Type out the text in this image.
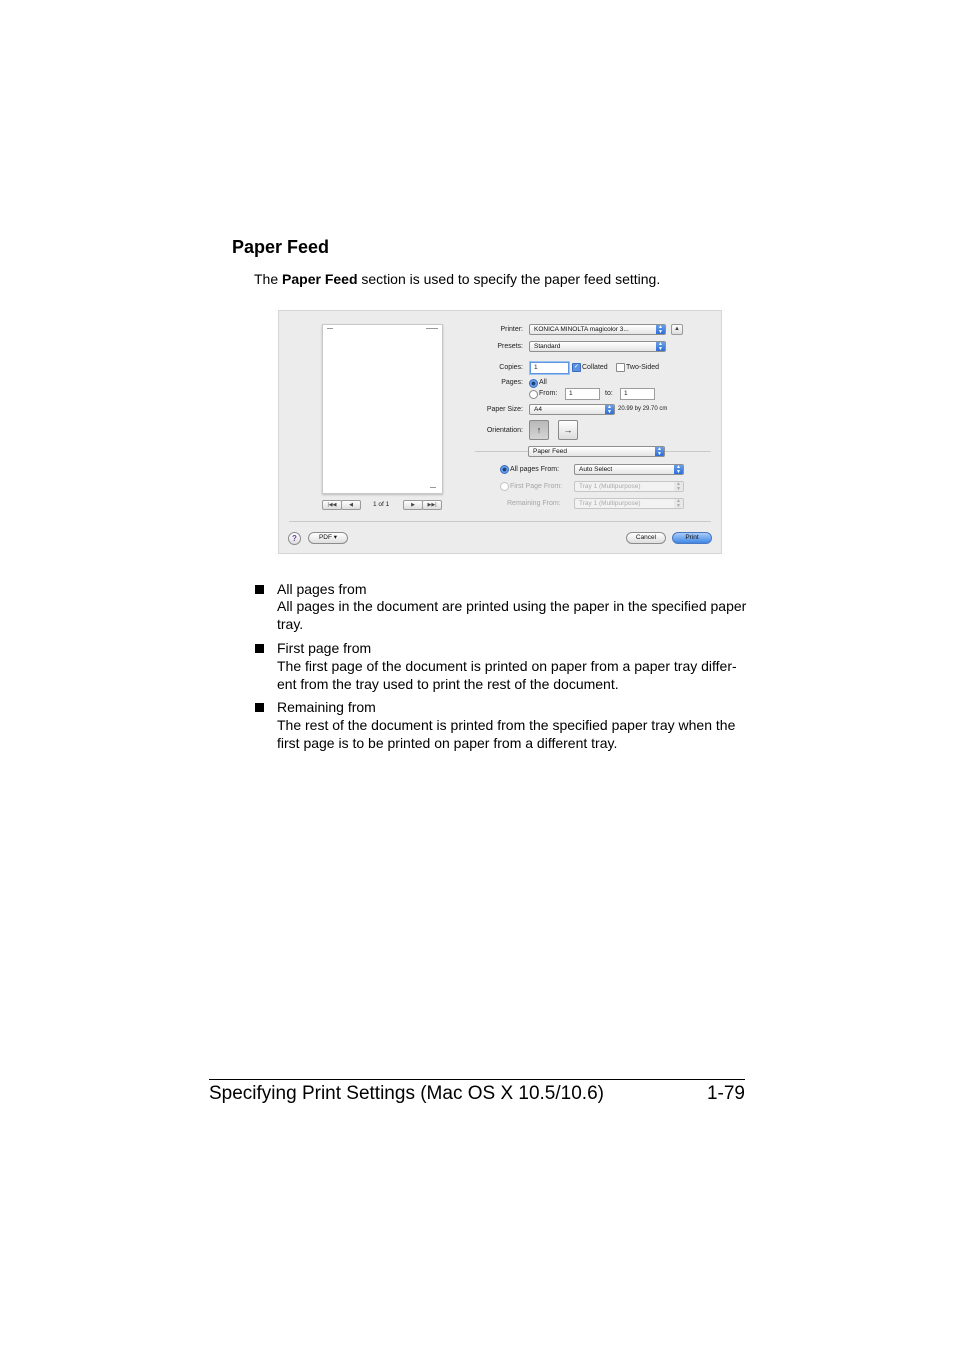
Paper Feed
The Paper Feed section is used to specify the paper feed setting.
|◀◀	◀	1 of 1	▶	▶▶|
Printer:	KONICA MINOLTA magicolor 3...	▲
▼	▲
Presets:	Standard	▲
▼
Copies:	1	✓ Collated	Two-Sided
Pages: All
From:	1	to:	1
Paper Size:	A4	▲
▼	20.99 by 29.70 cm
Orientation:	↑	→
Paper Feed	▲
▼
All pages From:	Auto Select	▲
▼
First Page From:	Tray 1 (Multipurpose)	▲
▼
Remaining From:	Tray 1 (Multipurpose)	▲
▼
?	PDF ▾	Cancel	Print
All pages from
All pages in the document are printed using the paper in the specified paper tray.
First page from
The first page of the document is printed on paper from a paper tray differ-ent from the tray used to print the rest of the document.
Remaining from
The rest of the document is printed from the specified paper tray when the first page is to be printed on paper from a different tray.
Specifying Print Settings (Mac OS X 10.5/10.6)	1-79
